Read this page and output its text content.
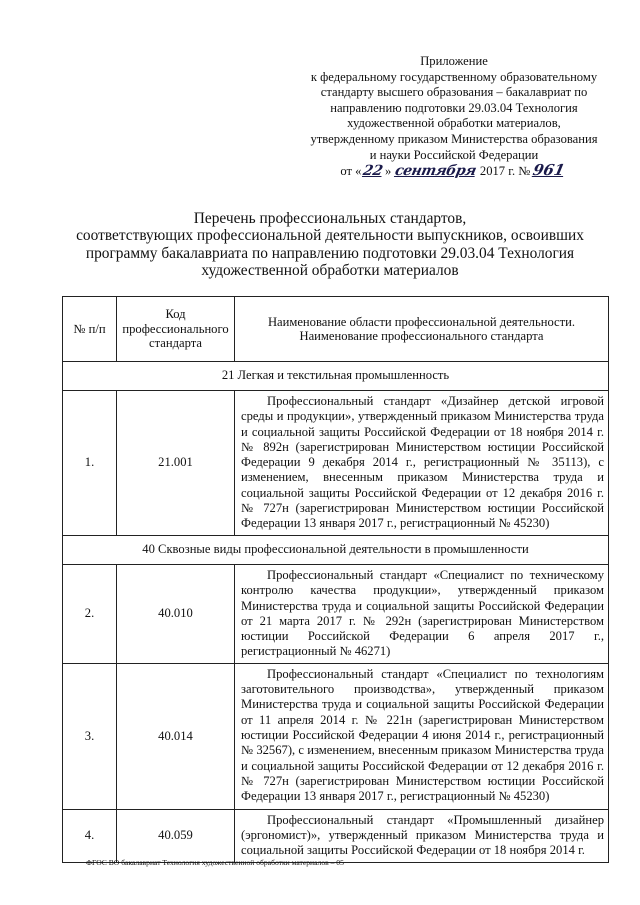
Приложение
к федеральному государственному образовательному
стандарту высшего образования – бакалавриат по
направлению подготовки 29.03.04 Технология
художественной обработки материалов,
утвержденному приказом Министерства образования
и науки Российской Федерации
от «22» сентября 2017 г. №961
Перечень профессиональных стандартов,
соответствующих профессиональной деятельности выпускников, освоивших
программу бакалавриата по направлению подготовки 29.03.04 Технология
художественной обработки материалов
№ п/п	Код
профессионального
стандарта	Наименование области профессиональной деятельности.
Наименование профессионального стандарта
21 Легкая и текстильная промышленность		
1.	21.001	Профессиональный стандарт «Дизайнер детской игровой среды и продукции», утвержденный приказом Министерства труда и социальной защиты Российской Федерации от 18 ноября 2014 г. № 892н (зарегистрирован Министерством юстиции Российской Федерации 9 декабря 2014 г., регистрационный № 35113), с изменением, внесенным приказом Министерства труда и социальной защиты Российской Федерации от 12 декабря 2016 г. № 727н (зарегистрирован Министерством юстиции Российской Федерации 13 января 2017 г., регистрационный № 45230)

40 Сквозные виды профессиональной деятельности в промышленности		
2.	40.010	Профессиональный стандарт «Специалист по техническому контролю качества продукции», утвержденный приказом Министерства труда и социальной защиты Российской Федерации от 21 марта 2017 г. № 292н (зарегистрирован Министерством юстиции Российской Федерации 6 апреля 2017 г., регистрационный № 46271)

3.	40.014	Профессиональный стандарт «Специалист по технологиям заготовительного производства», утвержденный приказом Министерства труда и социальной защиты Российской Федерации от 11 апреля 2014 г. № 221н (зарегистрирован Министерством юстиции Российской Федерации 4 июня 2014 г., регистрационный № 32567), с изменением, внесенным приказом Министерства труда и социальной защиты Российской Федерации от 12 декабря 2016 г. № 727н (зарегистрирован Министерством юстиции Российской Федерации 13 января 2017 г., регистрационный № 45230)

4.	40.059	Профессиональный стандарт «Промышленный дизайнер (эргономист)», утвержденный приказом Министерства труда и социальной защиты Российской Федерации от 18 ноября 2014 г.
ФГОС ВО бакалавриат Технология художественной обработки материалов – 05
